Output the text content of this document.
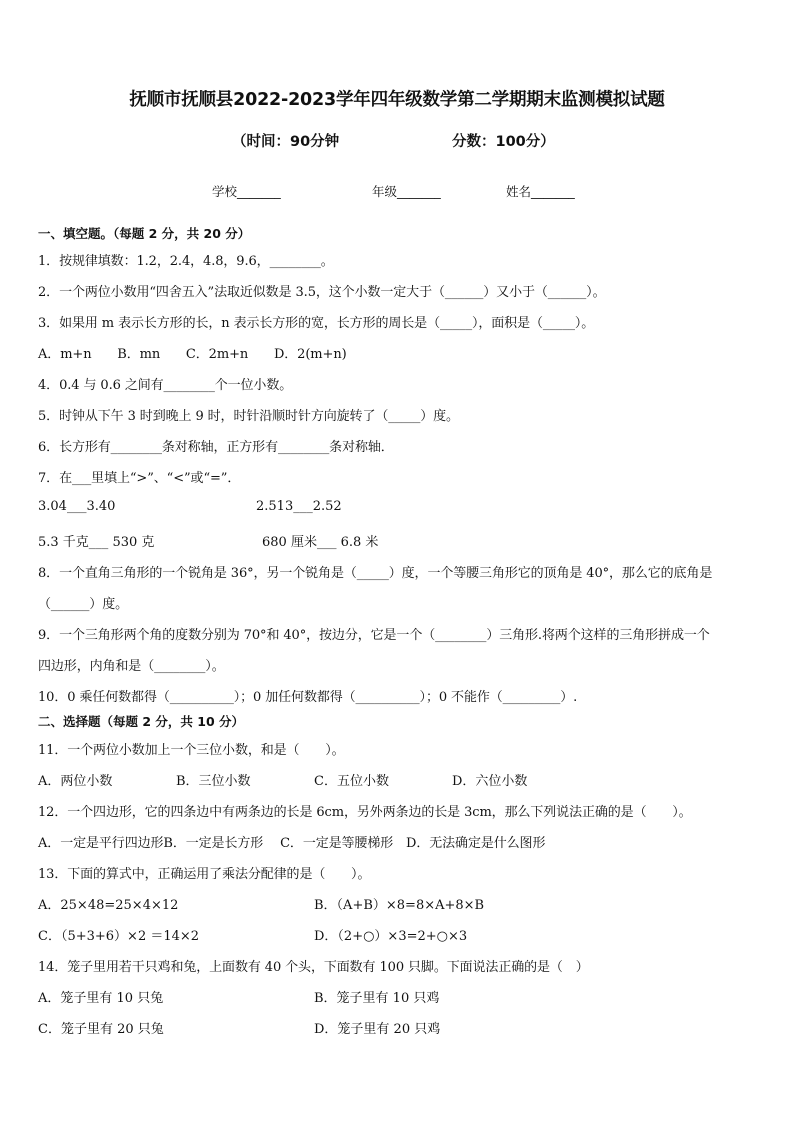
抚顺市抚顺县2022-2023学年四年级数学第二学期期末监测模拟试题
（时间：90分钟	分数：100分）
学校_______	年级_______	姓名_______
一、填空题。（每题 2 分，共 20 分）
1．按规律填数：1.2，2.4，4.8，9.6，________。
2．一个两位小数用“四舍五入”法取近似数是 3.5，这个小数一定大于（______）又小于（______）。
3．如果用 m 表示长方形的长，n 表示长方形的宽，长方形的周长是（_____），面积是（_____）。
A．m+n　　B．mn　　C．2m+n　　D．2(m+n)
4．0.4 与 0.6 之间有________个一位小数。
5．时钟从下午 3 时到晚上 9 时，时针沿顺时针方向旋转了（_____）度。
6．长方形有________条对称轴，正方形有________条对称轴．
7．在___里填上“>”、“<”或“=”．
3.04___3.40	2.513___2.52
5.3 千克___ 530 克	680 厘米___ 6.8 米
8．一个直角三角形的一个锐角是 36°，另一个锐角是（_____）度，一个等腰三角形它的顶角是 40°，那么它的底角是
（______）度。
9．一个三角形两个角的度数分别为 70°和 40°，按边分，它是一个（________）三角形.将两个这样的三角形拼成一个
四边形，内角和是（________）。
10．0 乘任何数都得（__________）；0 加任何数都得（__________）；0 不能作（_________）.
二、选择题（每题 2 分，共 10 分）
11．一个两位小数加上一个三位小数，和是（　　）。
A．两位小数	B．三位小数	C．五位小数	D．六位小数
12．一个四边形，它的四条边中有两条边的长是 6cm，另外两条边的长是 3cm，那么下列说法正确的是（　　）。
A．一定是平行四边形B．一定是长方形　 C．一定是等腰梯形　D．无法确定是什么图形
13．下面的算式中，正确运用了乘法分配律的是（　　）。
A．25×48=25×4×12	B．（A+B）×8=8×A+8×B
C．（5+3+6）×2 ＝14×2	D．（2+○）×3=2+○×3
14．笼子里用若干只鸡和兔，上面数有 40 个头，下面数有 100 只脚。下面说法正确的是（　）
A．笼子里有 10 只兔	B．笼子里有 10 只鸡
C．笼子里有 20 只兔	D．笼子里有 20 只鸡
